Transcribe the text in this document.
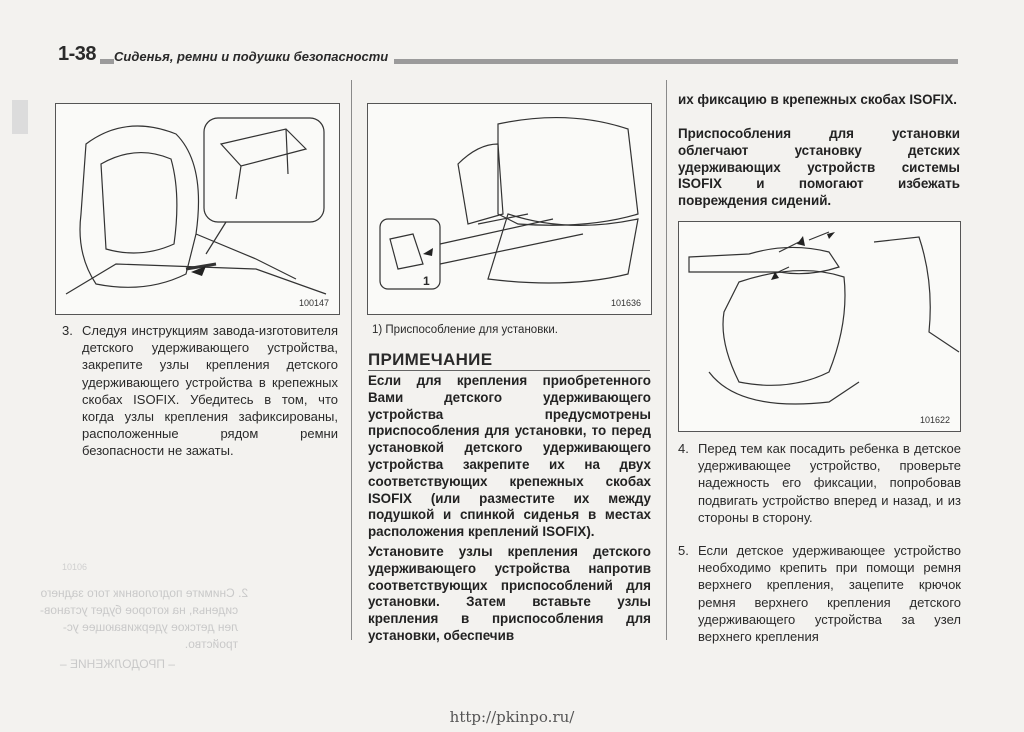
1-38	Сиденья, ремни и подушки безопасности
2. Снимите подголовник того заднего
сиденья, на которое будет установ-
лен детское удерживающее ус-
тройство.
– ПРОДОЛЖЕНИЕ –
10106
100147
3. Следуя инструкциям завода-изготовителя детского удерживающего устройства, закрепите узлы крепления детского удерживающего устройства в крепежных скобах ISOFIX. Убедитесь в том, что когда узлы крепления зафиксированы, расположенные рядом ремни безопасности не зажаты.
1
101636
1) Приспособление для установки.
ПРИМЕЧАНИЕ
Если для крепления приобретенного Вами детского удерживающего устройства предусмотрены приспособления для установки, то перед установкой детского удерживающего устройства закрепите их на двух соответствующих крепежных скобах ISOFIX (или разместите их между подушкой и спинкой сиденья в местах расположения креплений ISOFIX).
Установите узлы крепления детского удерживающего устройства напротив соответствующих приспособлений для установки. Затем вставьте узлы крепления в приспособления для установки, обеспечив
их фиксацию в крепежных скобах ISOFIX.
Приспособления для установки облегчают установку детских удерживающих устройств системы ISOFIX и помогают избежать повреждения сидений.
101622
4. Перед тем как посадить ребенка в детское удерживающее устройство, проверьте надежность его фиксации, попробовав подвигать устройство вперед и назад, и из стороны в сторону.
5. Если детское удерживающее устройство необходимо крепить при помощи ремня верхнего крепления, зацепите крючок ремня верхнего крепления детского удерживающего устройства за узел верхнего крепления
http://pkinpo.ru/
